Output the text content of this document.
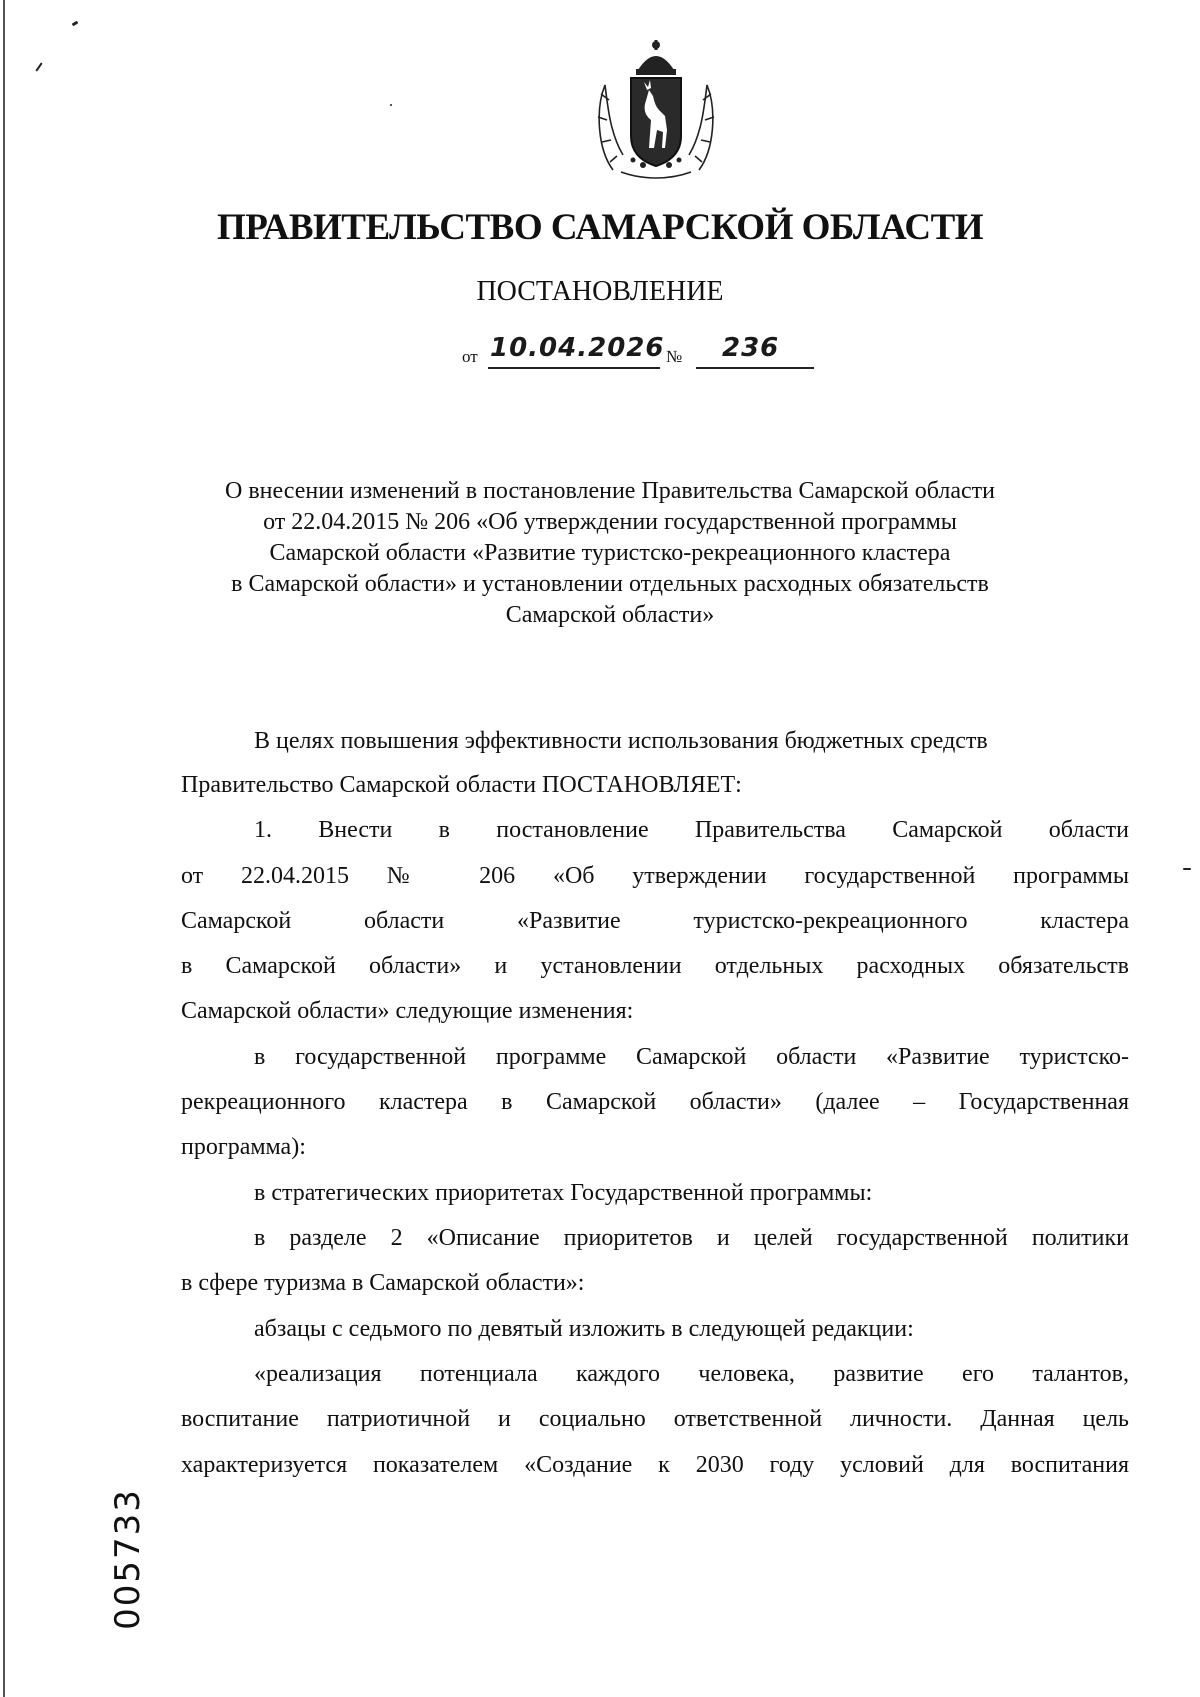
ПРАВИТЕЛЬСТВО САМАРСКОЙ ОБЛАСТИ
ПОСТАНОВЛЕНИЕ
от 10.04.2026 № 236
О внесении изменений в постановление Правительства Самарской области
от 22.04.2015 № 206 «Об утверждении государственной программы
Самарской области «Развитие туристско-рекреационного кластера
в Самарской области» и установлении отдельных расходных обязательств
Самарской области»
В целях повышения эффективности использования бюджетных средств
Правительство Самарской области ПОСТАНОВЛЯЕТ:
1. Внести в постановление Правительства Самарской области
от 22.04.2015 № 206 «Об утверждении государственной программы
Самарской области «Развитие туристско-рекреационного кластера
в Самарской области» и установлении отдельных расходных обязательств
Самарской области» следующие изменения:
в государственной программе Самарской области «Развитие туристско-
рекреационного кластера в Самарской области» (далее – Государственная
программа):
в стратегических приоритетах Государственной программы:
в разделе 2 «Описание приоритетов и целей государственной политики
в сфере туризма в Самарской области»:
абзацы с седьмого по девятый изложить в следующей редакции:
«реализация потенциала каждого человека, развитие его талантов,
воспитание патриотичной и социально ответственной личности. Данная цель
характеризуется показателем «Создание к 2030 году условий для воспитания
005733
